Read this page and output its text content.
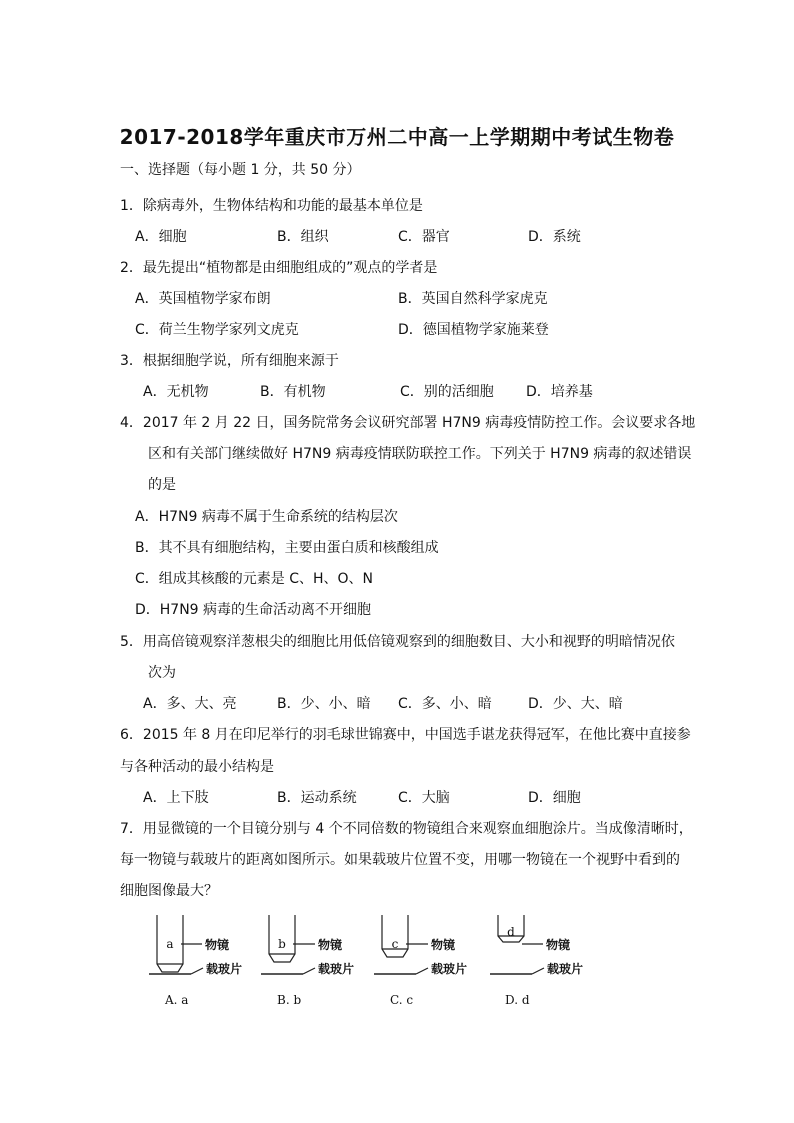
2017-2018学年重庆市万州二中高一上学期期中考试生物卷
一、选择题（每小题 1 分，共 50 分）
1．除病毒外，生物体结构和功能的最基本单位是
A．细胞	B．组织	C．器官	D．系统
2．最先提出“植物都是由细胞组成的”观点的学者是
A．英国植物学家布朗	B．英国自然科学家虎克
C．荷兰生物学家列文虎克	D．德国植物学家施莱登
3．根据细胞学说，所有细胞来源于
A．无机物	B．有机物	C．别的活细胞 D．培养基
4．2017 年 2 月 22 日，国务院常务会议研究部署 H7N9 病毒疫情防控工作。会议要求各地
区和有关部门继续做好 H7N9 病毒疫情联防联控工作。下列关于 H7N9 病毒的叙述错误
的是
A．H7N9 病毒不属于生命系统的结构层次
B．其不具有细胞结构，主要由蛋白质和核酸组成
C．组成其核酸的元素是 C、H、O、N
D．H7N9 病毒的生命活动离不开细胞
5．用高倍镜观察洋葱根尖的细胞比用低倍镜观察到的细胞数目、大小和视野的明暗情况依
次为
A．多、大、亮	B．少、小、暗 C．多、小、暗	D．少、大、暗
6．2015 年 8 月在印尼举行的羽毛球世锦赛中，中国选手谌龙获得冠军，在他比赛中直接参
与各种活动的最小结构是
A．上下肢	B．运动系统	C．大脑	D．细胞
7．用显微镜的一个目镜分别与 4 个不同倍数的物镜组合来观察血细胞涂片。当成像清晰时，
每一物镜与载玻片的距离如图所示。如果载玻片位置不变，用哪一物镜在一个视野中看到的
细胞图像最大？
a	b	c
d
物镜	物镜	物镜	物镜
载玻片	载玻片	载玻片	载玻片
A. a	B. b	C. c	D. d
